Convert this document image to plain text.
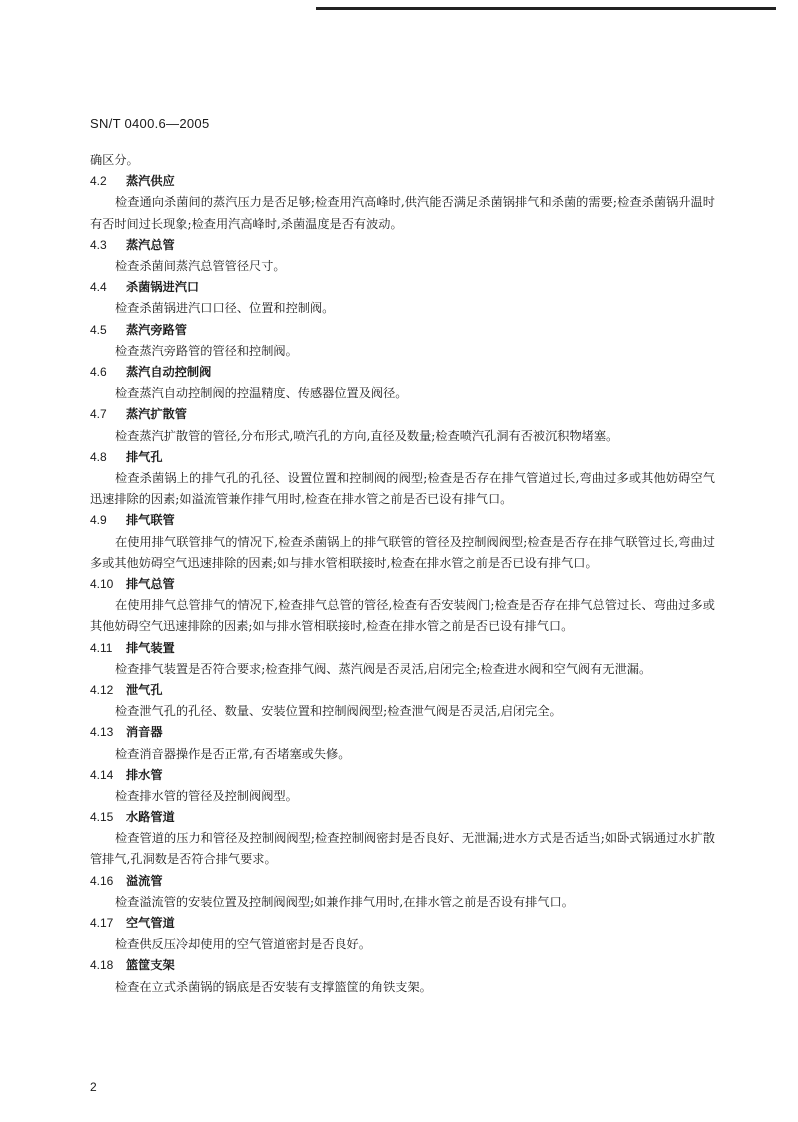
SN/T 0400.6—2005

确区分。

4.2	蒸汽供应

检查通向杀菌间的蒸汽压力是否足够;检查用汽高峰时,供汽能否满足杀菌锅排气和杀菌的需要;检查杀菌锅升温时有否时间过长现象;检查用汽高峰时,杀菌温度是否有波动。

4.3	蒸汽总管

检查杀菌间蒸汽总管管径尺寸。

4.4	杀菌锅进汽口

检查杀菌锅进汽口口径、位置和控制阀。

4.5	蒸汽旁路管

检查蒸汽旁路管的管径和控制阀。

4.6	蒸汽自动控制阀

检查蒸汽自动控制阀的控温精度、传感器位置及阀径。

4.7	蒸汽扩散管

检查蒸汽扩散管的管径,分布形式,喷汽孔的方向,直径及数量;检查喷汽孔洞有否被沉积物堵塞。

4.8	排气孔

检查杀菌锅上的排气孔的孔径、设置位置和控制阀的阀型;检查是否存在排气管道过长,弯曲过多或其他妨碍空气迅速排除的因素;如溢流管兼作排气用时,检查在排水管之前是否已设有排气口。

4.9	排气联管

在使用排气联管排气的情况下,检查杀菌锅上的排气联管的管径及控制阀阀型;检查是否存在排气联管过长,弯曲过多或其他妨碍空气迅速排除的因素;如与排水管相联接时,检查在排水管之前是否已设有排气口。

4.10	排气总管

在使用排气总管排气的情况下,检查排气总管的管径,检查有否安装阀门;检查是否存在排气总管过长、弯曲过多或其他妨碍空气迅速排除的因素;如与排水管相联接时,检查在排水管之前是否已设有排气口。

4.11	排气装置

检查排气装置是否符合要求;检查排气阀、蒸汽阀是否灵活,启闭完全;检查进水阀和空气阀有无泄漏。

4.12	泄气孔

检查泄气孔的孔径、数量、安装位置和控制阀阀型;检查泄气阀是否灵活,启闭完全。

4.13	消音器

检查消音器操作是否正常,有否堵塞或失修。

4.14	排水管

检查排水管的管径及控制阀阀型。

4.15	水路管道

检查管道的压力和管径及控制阀阀型;检查控制阀密封是否良好、无泄漏;进水方式是否适当;如卧式锅通过水扩散管排气,孔洞数是否符合排气要求。

4.16	溢流管

检查溢流管的安装位置及控制阀阀型;如兼作排气用时,在排水管之前是否设有排气口。

4.17	空气管道

检查供反压冷却使用的空气管道密封是否良好。

4.18	篮筐支架

检查在立式杀菌锅的锅底是否安装有支撑篮筐的角铁支架。

2
